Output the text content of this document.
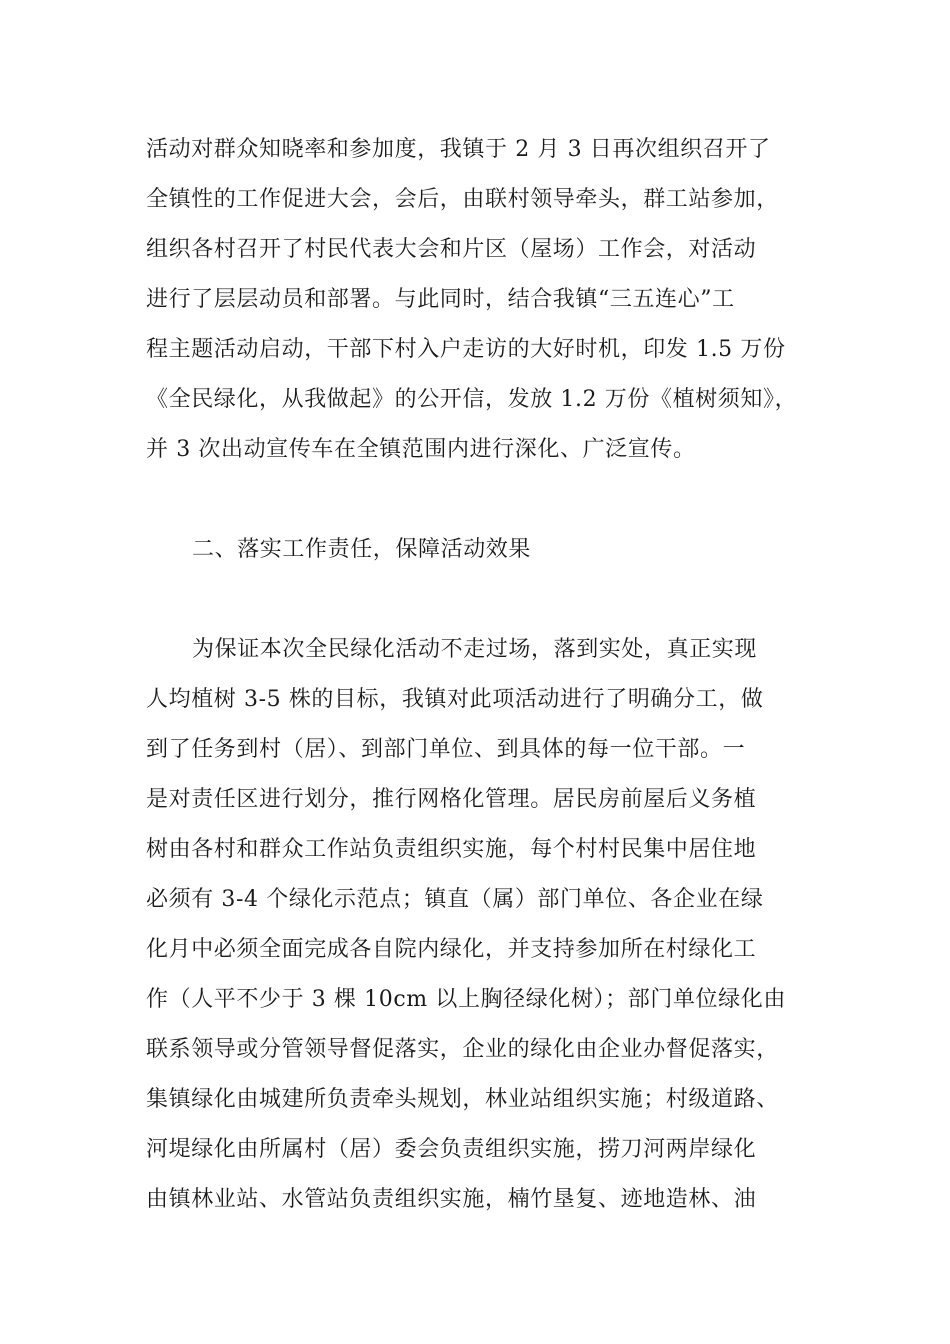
活动对群众知晓率和参加度，我镇于 2 月 3 日再次组织召开了
全镇性的工作促进大会，会后，由联村领导牵头，群工站参加，
组织各村召开了村民代表大会和片区（屋场）工作会，对活动
进行了层层动员和部署。与此同时，结合我镇“三五连心”工
程主题活动启动，干部下村入户走访的大好时机，印发 1.5 万份
《全民绿化，从我做起》的公开信，发放 1.2 万份《植树须知》，
并 3 次出动宣传车在全镇范围内进行深化、广泛宣传。
二、落实工作责任，保障活动效果
为保证本次全民绿化活动不走过场，落到实处，真正实现
人均植树 3-5 株的目标，我镇对此项活动进行了明确分工，做
到了任务到村（居）、到部门单位、到具体的每一位干部。一
是对责任区进行划分，推行网格化管理。居民房前屋后义务植
树由各村和群众工作站负责组织实施，每个村村民集中居住地
必须有 3-4 个绿化示范点；镇直（属）部门单位、各企业在绿
化月中必须全面完成各自院内绿化，并支持参加所在村绿化工
作（人平不少于 3 棵 10cm 以上胸径绿化树）；部门单位绿化由
联系领导或分管领导督促落实，企业的绿化由企业办督促落实，
集镇绿化由城建所负责牵头规划，林业站组织实施；村级道路、
河堤绿化由所属村（居）委会负责组织实施，捞刀河两岸绿化
由镇林业站、水管站负责组织实施，楠竹垦复、迹地造林、油
